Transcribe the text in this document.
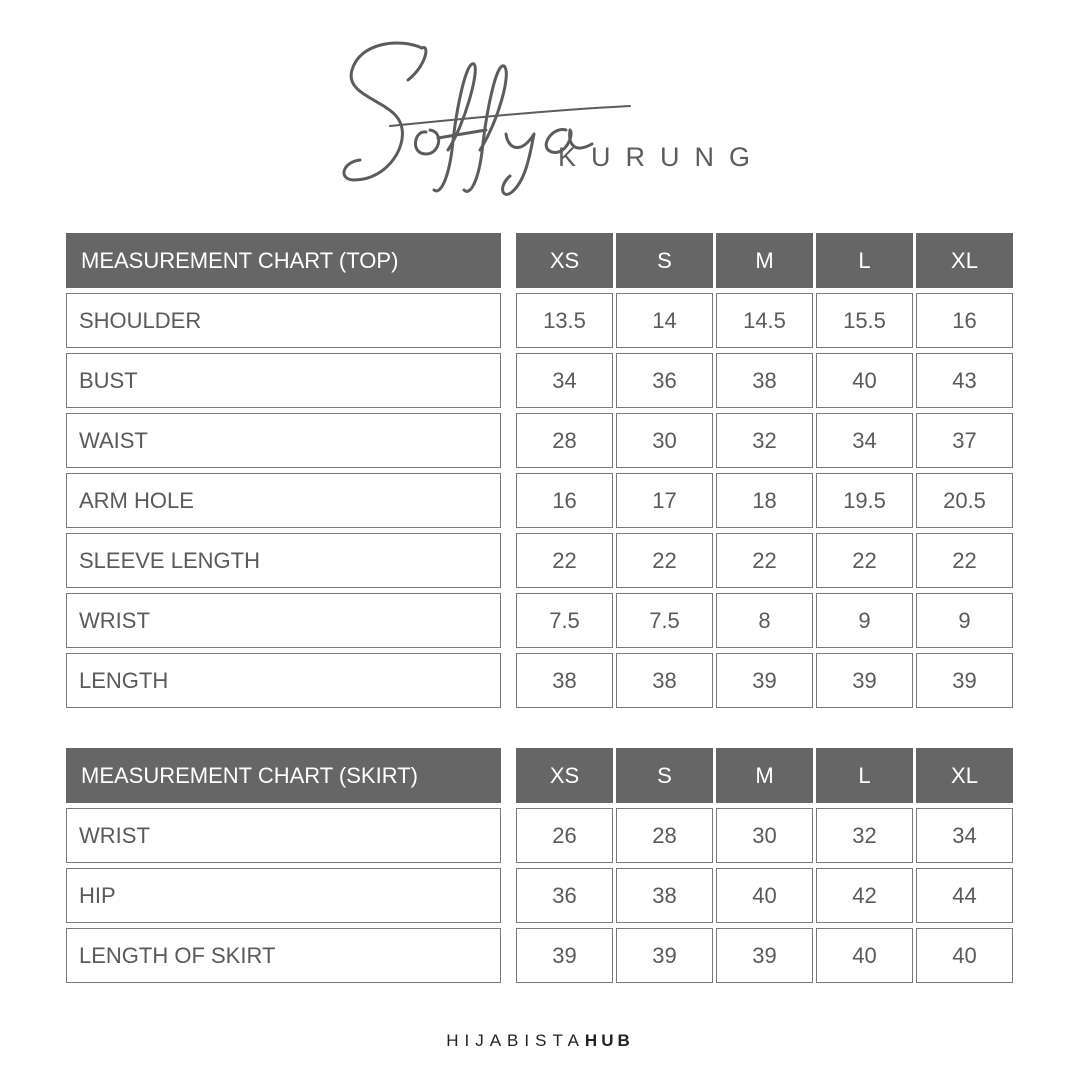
KURUNG
MEASUREMENT CHART (TOP)	XS	S	M	L	XL
SHOULDER	13.5	14	14.5	15.5	16
BUST	34	36	38	40	43
WAIST	28	30	32	34	37
ARM HOLE	16	17	18	19.5	20.5
SLEEVE LENGTH	22	22	22	22	22
WRIST	7.5	7.5	8	9	9
LENGTH	38	38	39	39	39
MEASUREMENT CHART (SKIRT)	XS	S	M	L	XL
WRIST	26	28	30	32	34
HIP	36	38	40	42	44
LENGTH OF SKIRT	39	39	39	40	40
HIJABISTAHUB
